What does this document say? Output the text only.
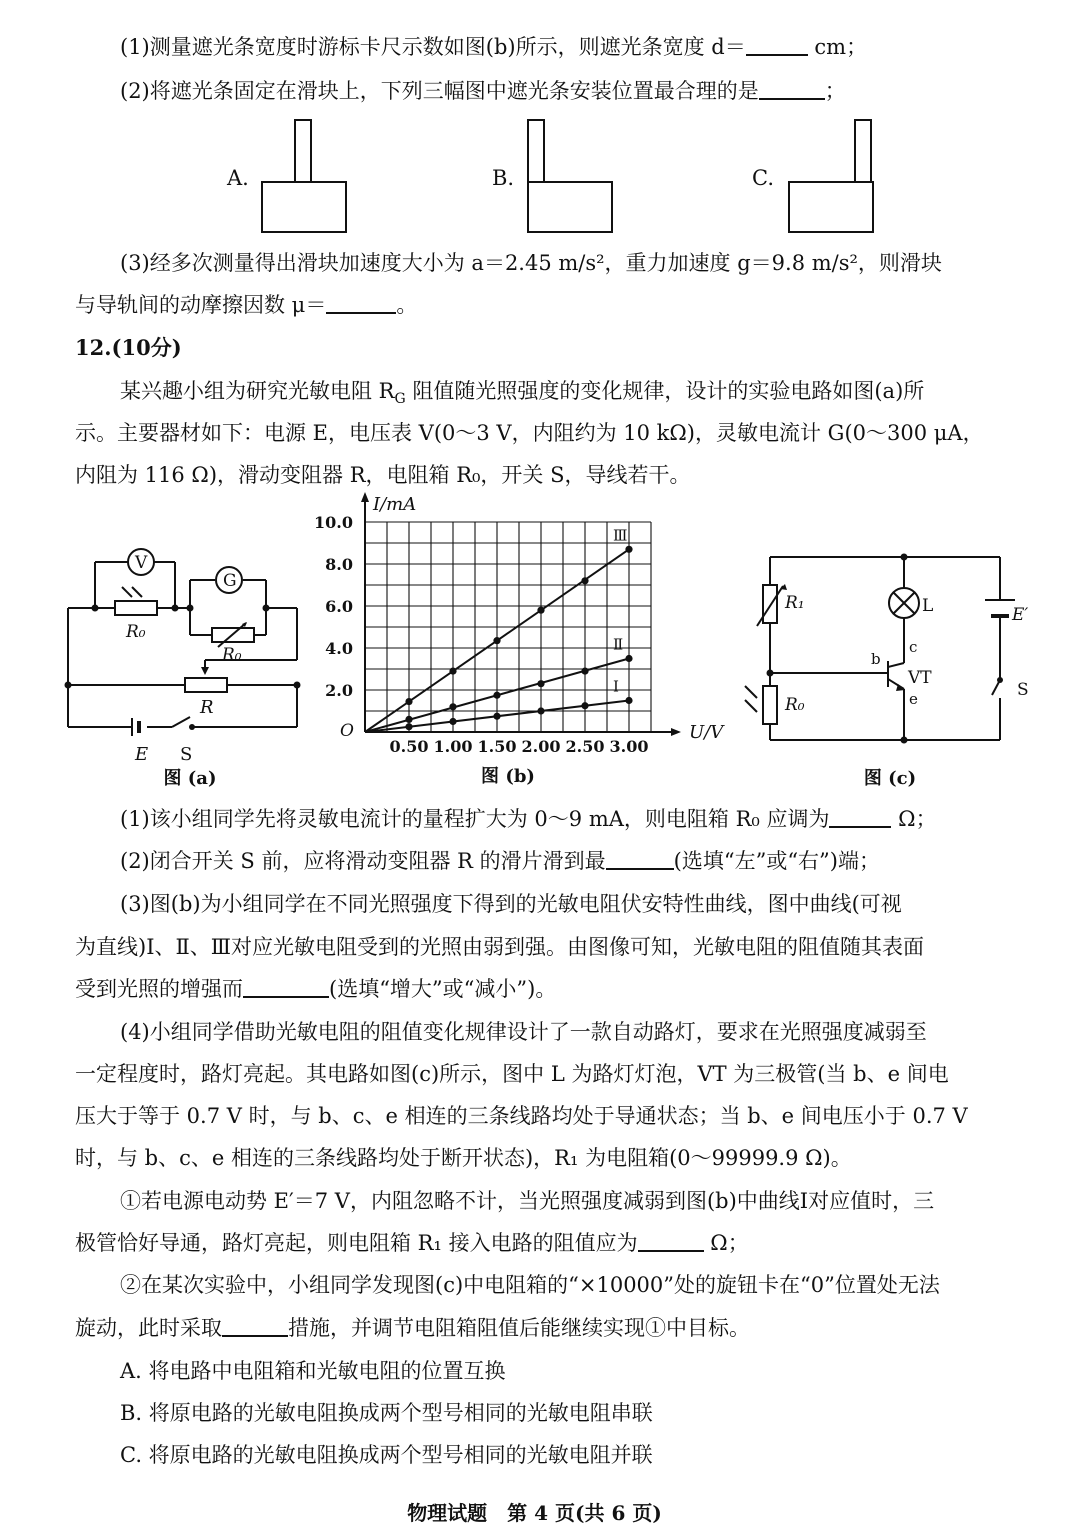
(1)测量遮光条宽度时游标卡尺示数如图(b)所示，则遮光条宽度 d＝	cm；
(2)将遮光条固定在滑块上，下列三幅图中遮光条安装位置最合理的是	；
A.	B.	C.
(3)经多次测量得出滑块加速度大小为 a＝2.45 m/s²，重力加速度 g＝9.8 m/s²，则滑块
与导轨间的动摩擦因数 μ＝	。
12.(10分)
某兴趣小组为研究光敏电阻 $R_G$ 阻值随光照强度的变化规律，设计的实验电路如图(a)所
示。主要器材如下：电源 E，电压表 V(0～3 V，内阻约为 10 kΩ)，灵敏电流计 G(0～300 μA，
内阻为 116 Ω)，滑动变阻器 R，电阻箱 R₀，开关 S，导线若干。
V
G
R₀
R₀
R
E S
图 (a)
Ⅰ
Ⅱ
Ⅲ
0.50 1.00 1.50 2.00 2.50 3.00
2.0
4.0
6.0
8.0
10.0
O	U/V
I/mA
图 (b)
R₁
R₀
L	E′
VT
b
c
e	S
图 (c)
(1)该小组同学先将灵敏电流计的量程扩大为 0～9 mA，则电阻箱 R₀ 应调为	Ω；
(2)闭合开关 S 前，应将滑动变阻器 R 的滑片滑到最	(选填“左”或“右”)端；
(3)图(b)为小组同学在不同光照强度下得到的光敏电阻伏安特性曲线，图中曲线(可视
为直线)Ⅰ、Ⅱ、Ⅲ对应光敏电阻受到的光照由弱到强。由图像可知，光敏电阻的阻值随其表面
受到光照的增强而	(选填“增大”或“减小”)。
(4)小组同学借助光敏电阻的阻值变化规律设计了一款自动路灯，要求在光照强度减弱至
一定程度时，路灯亮起。其电路如图(c)所示，图中 L 为路灯灯泡，VT 为三极管(当 b、e 间电
压大于等于 0.7 V 时，与 b、c、e 相连的三条线路均处于导通状态；当 b、e 间电压小于 0.7 V
时，与 b、c、e 相连的三条线路均处于断开状态)，R₁ 为电阻箱(0～99999.9 Ω)。
①若电源电动势 E′＝7 V，内阻忽略不计，当光照强度减弱到图(b)中曲线Ⅰ对应值时，三
极管恰好导通，路灯亮起，则电阻箱 R₁ 接入电路的阻值应为	Ω；
②在某次实验中，小组同学发现图(c)中电阻箱的“×10000”处的旋钮卡在“0”位置处无法
旋动，此时采取	措施，并调节电阻箱阻值后能继续实现①中目标。
A. 将电路中电阻箱和光敏电阻的位置互换
B. 将原电路的光敏电阻换成两个型号相同的光敏电阻串联
C. 将原电路的光敏电阻换成两个型号相同的光敏电阻并联
物理试题　第 4 页(共 6 页)
